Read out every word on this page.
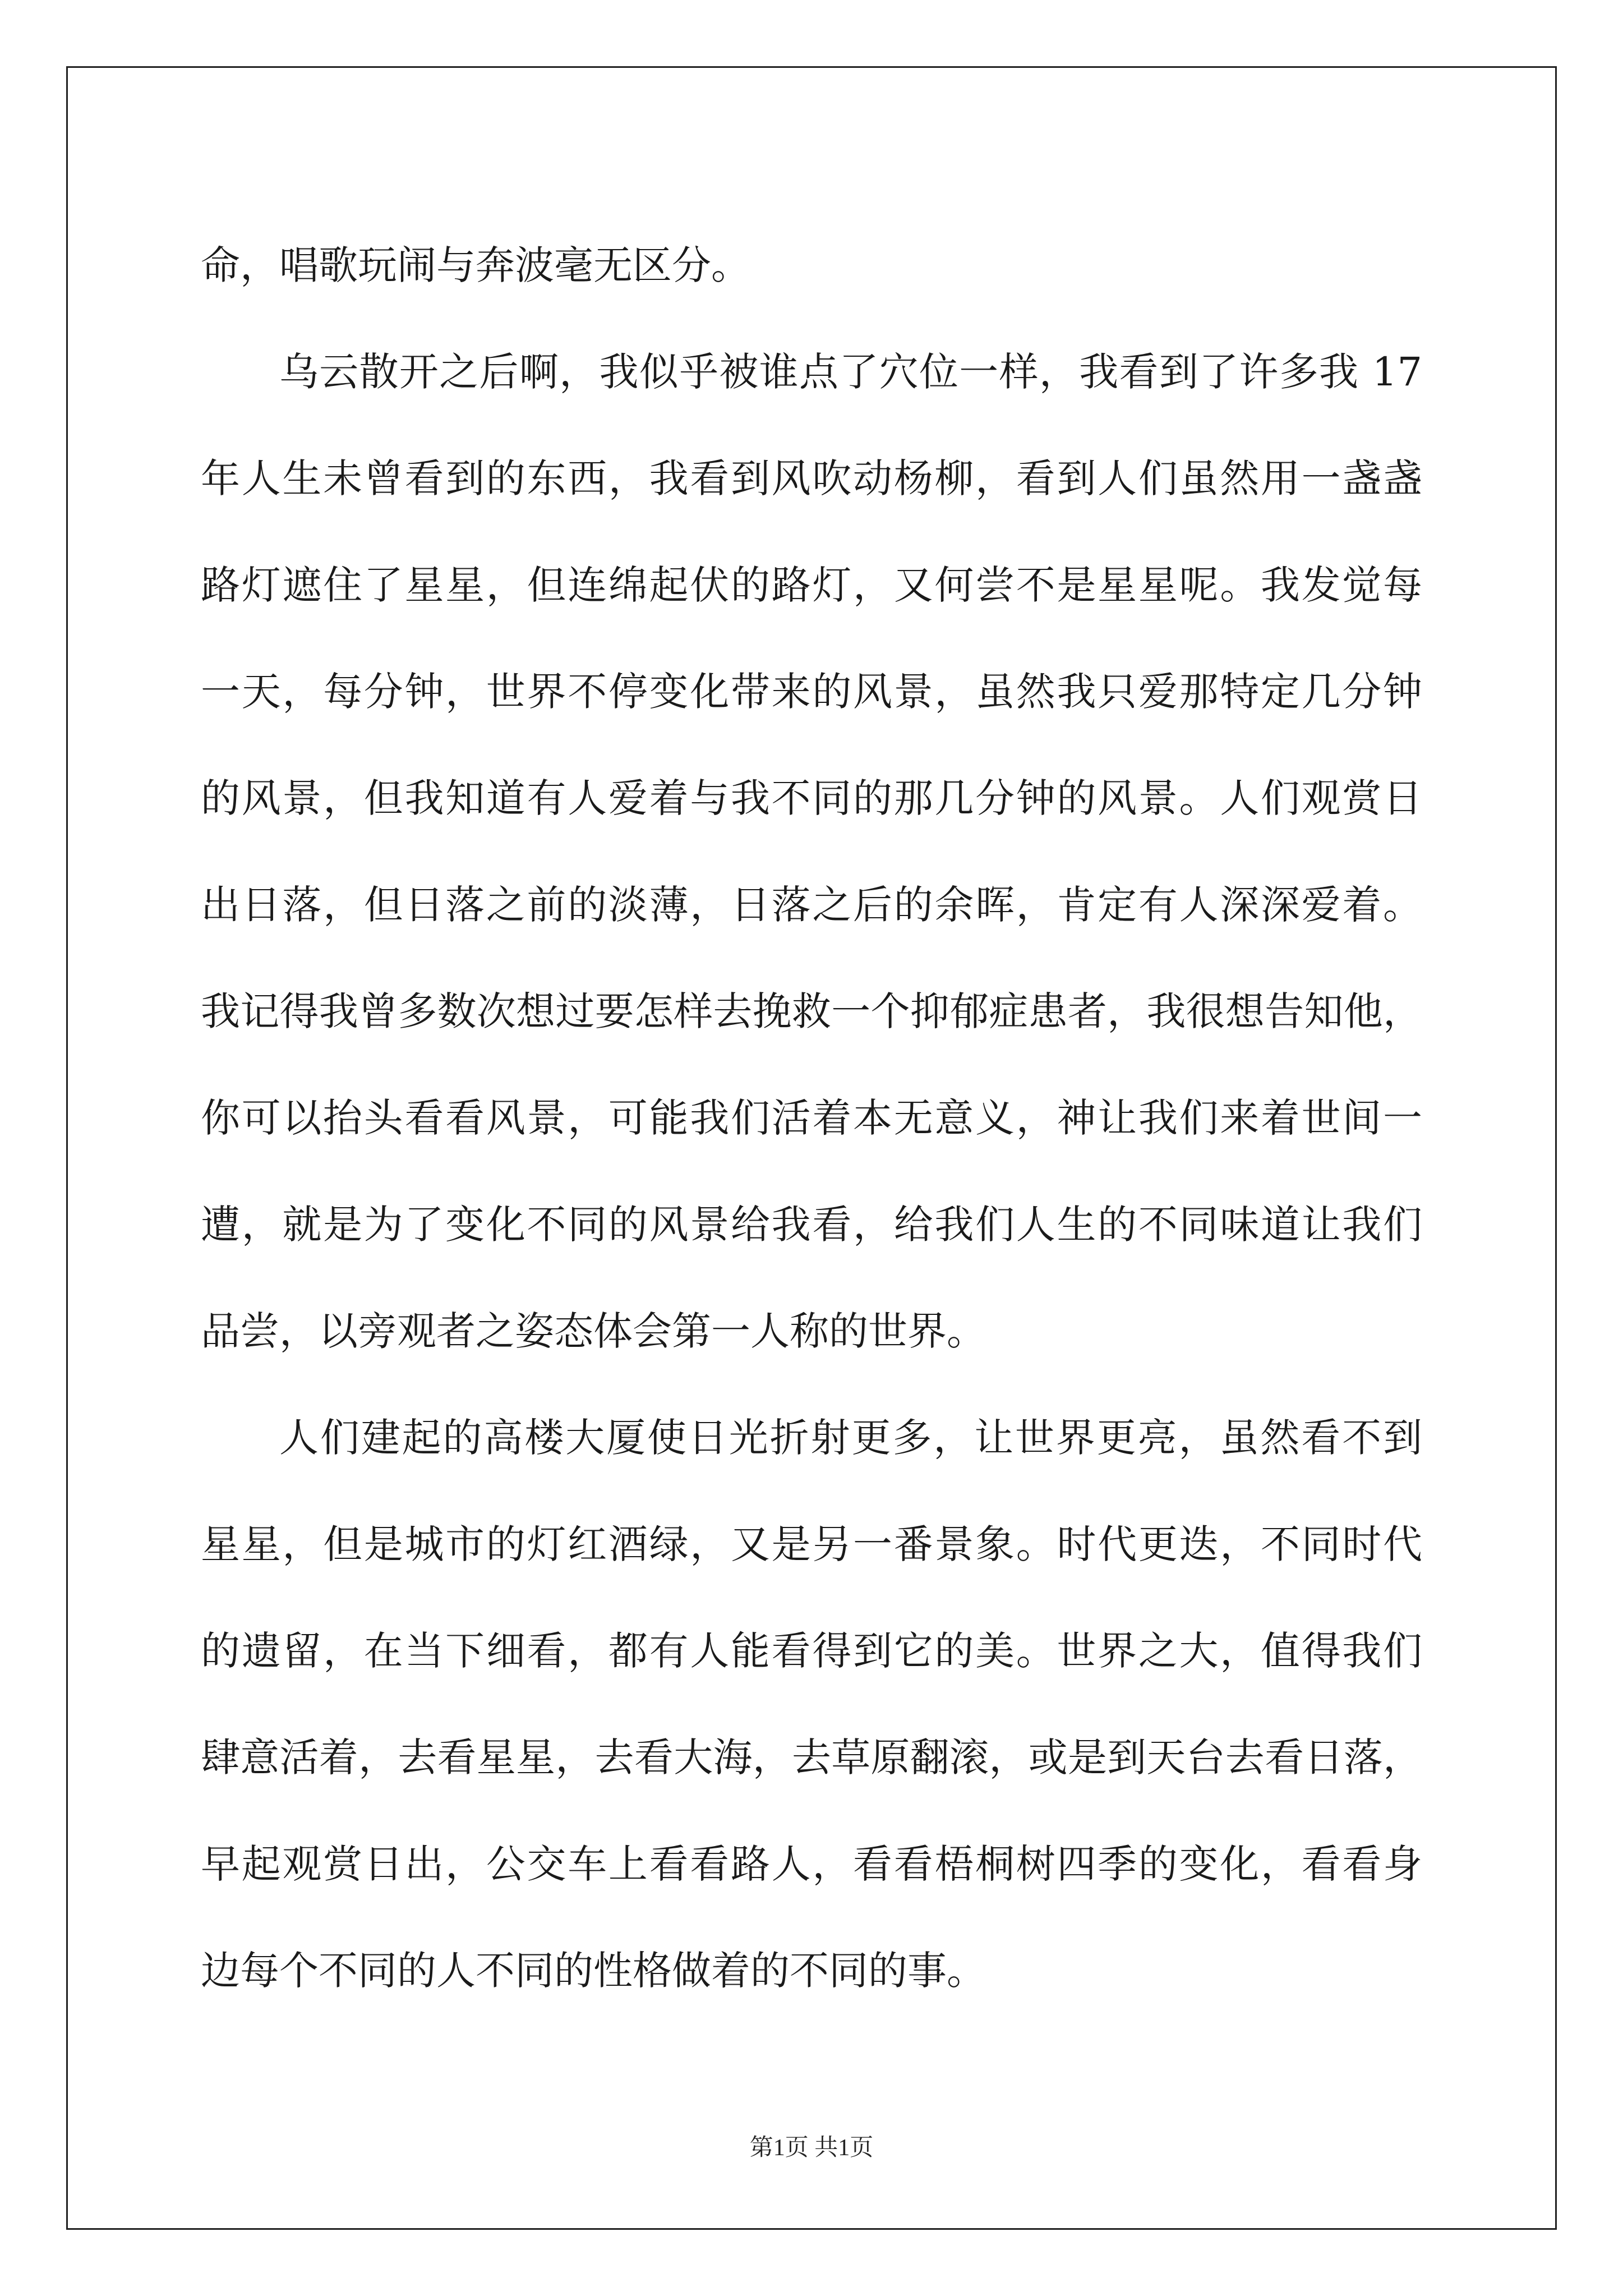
命，唱歌玩闹与奔波毫无区分。
乌云散开之后啊，我似乎被谁点了穴位一样，我看到了许多我 17
年人生未曾看到的东西，我看到风吹动杨柳，看到人们虽然用一盏盏
路灯遮住了星星，但连绵起伏的路灯，又何尝不是星星呢。我发觉每
一天，每分钟，世界不停变化带来的风景，虽然我只爱那特定几分钟
的风景，但我知道有人爱着与我不同的那几分钟的风景。人们观赏日
出日落，但日落之前的淡薄，日落之后的余晖，肯定有人深深爱着。
我记得我曾多数次想过要怎样去挽救一个抑郁症患者，我很想告知他，
你可以抬头看看风景，可能我们活着本无意义，神让我们来着世间一
遭，就是为了变化不同的风景给我看，给我们人生的不同味道让我们
品尝，以旁观者之姿态体会第一人称的世界。
人们建起的高楼大厦使日光折射更多，让世界更亮，虽然看不到
星星，但是城市的灯红酒绿，又是另一番景象。时代更迭，不同时代
的遗留，在当下细看，都有人能看得到它的美。世界之大，值得我们
肆意活着，去看星星，去看大海，去草原翻滚，或是到天台去看日落，
早起观赏日出，公交车上看看路人，看看梧桐树四季的变化，看看身
边每个不同的人不同的性格做着的不同的事。
第1页 共1页
